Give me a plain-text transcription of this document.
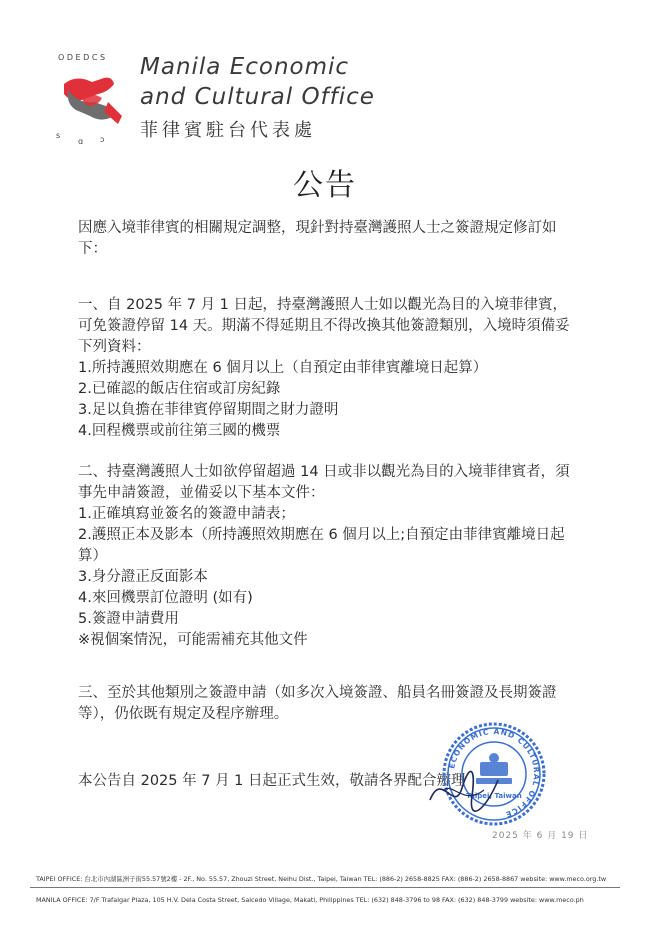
O D E D C S
ꜱ
ɑ ɔ
Manila Economic
and Cultural Office
菲律賓駐台代表處
公告

因應入境菲律賓的相關規定調整，現針對持臺灣護照人士之簽證規定修訂如下：

一、自 2025 年 7 月 1 日起，持臺灣護照人士如以觀光為目的入境菲律賓，可免簽證停留 14 天。期滿不得延期且不得改換其他簽證類別，入境時須備妥下列資料：

1.所持護照效期應在 6 個月以上（自預定由菲律賓離境日起算）

2.已確認的飯店住宿或訂房紀錄

3.足以負擔在菲律賓停留期間之財力證明

4.回程機票或前往第三國的機票

二、持臺灣護照人士如欲停留超過 14 日或非以觀光為目的入境菲律賓者，須事先申請簽證，並備妥以下基本文件：

1.正確填寫並簽名的簽證申請表；

2.護照正本及影本（所持護照效期應在 6 個月以上;自預定由菲律賓離境日起算）

3.身分證正反面影本

4.來回機票訂位證明 (如有)

5.簽證申請費用

※視個案情況，可能需補充其他文件

三、至於其他類別之簽證申請（如多次入境簽證、船員名冊簽證及長期簽證等），仍依既有規定及程序辦理。

本公告自 2025 年 7 月 1 日起正式生效，敬請各界配合辦理

ECONOMIC AND CULTURAL OFFICE
Taipei, Taiwan
2025 年 6 月 19 日
TAIPEI OFFICE: 台北市內湖區洲子街55.57號2樓 - 2F., No. 55.57, Zhouzi Street, Neihu Dist., Taipei, Taiwan TEL: (886-2) 2658-8825 FAX: (886-2) 2658-8867 website: www.meco.org.tw
MANILA OFFICE: 7/F Trafalgar Plaza, 105 H.V. Dela Costa Street, Salcedo Village, Makati, Philippines TEL: (632) 848-3796 to 98 FAX: (632) 848-3799 website: www.meco.ph
